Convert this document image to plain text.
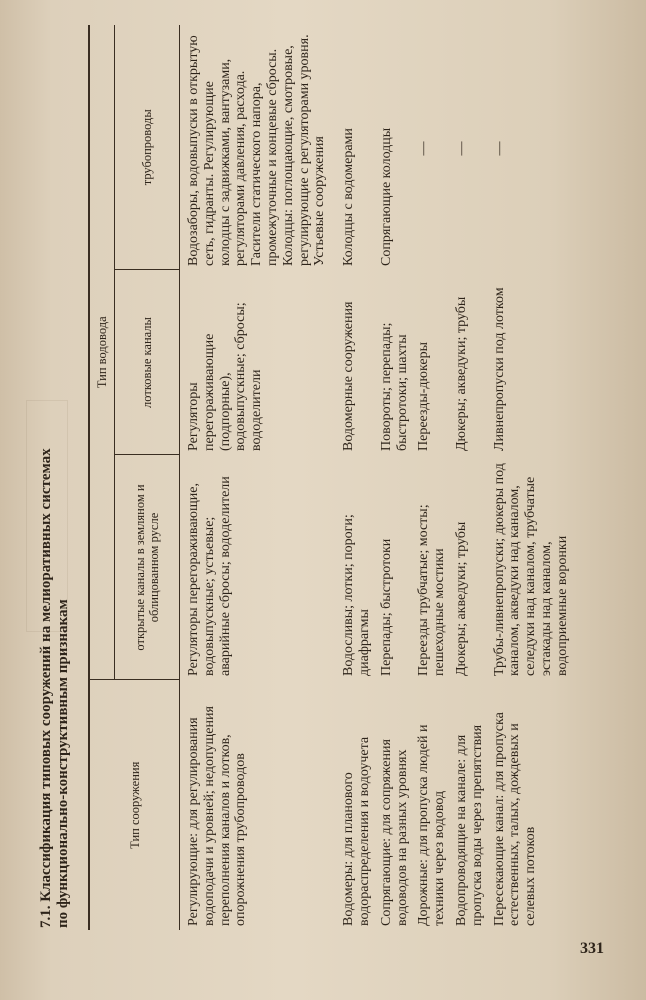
7.1. Классификация типовых сооружений на мелиоративных системах по функционально-конструктивным признакам	Тип сооружения	Тип водовода		
	открытые каналы в земляном и облицованном русле	лотковые каналы	трубопроводы
Регулирующие: для регулирования водоподачи и уровней; недопущения переполнения каналов и лотков, опорожнения трубопроводов	Регуляторы перегораживающие, водовыпускные; устьевые; аварийные сбросы; вододелители	Регуляторы перегораживающие (подпорные), водовыпускные; сбросы; вододелители	Водозаборы, водовыпуски в открытую сеть, гидранты. Регулирующие колодцы с задвижками, вантузами, регуляторами давления, расхода. Гасители статического напора, промежуточные и концевые сбросы. Колодцы: поглощающие, смотровые, регулирующие с регуляторами уровня. Устьевые сооружения
Водомеры: для планового водораспределения и водоучета	Водосливы; лотки; пороги; диафрагмы	Водомерные сооружения	Колодцы с водомерами
Сопрягающие: для сопряжения водоводов на разных уровнях	Перепады; быстротоки	Повороты; перепады; быстротоки; шахты	Сопрягающие колодцы
Дорожные: для пропуска людей и техники через водовод	Переезды трубчатые; мосты; пешеходные мостики	Переезды-дюкеры	—
Водопроводящие на канале: для пропуска воды через препятствия	Дюкеры; акведуки; трубы	Дюкеры; акведуки; трубы	—
Пересекающие канал: для пропуска естественных, талых, дождевых и селевых потоков	Трубы-ливнепропуски; дюкеры под каналом, акведуки над каналом, селедуки над каналом, трубчатые эстакады над каналом, водоприемные воронки	Ливнепропуски под лотком	—
331
